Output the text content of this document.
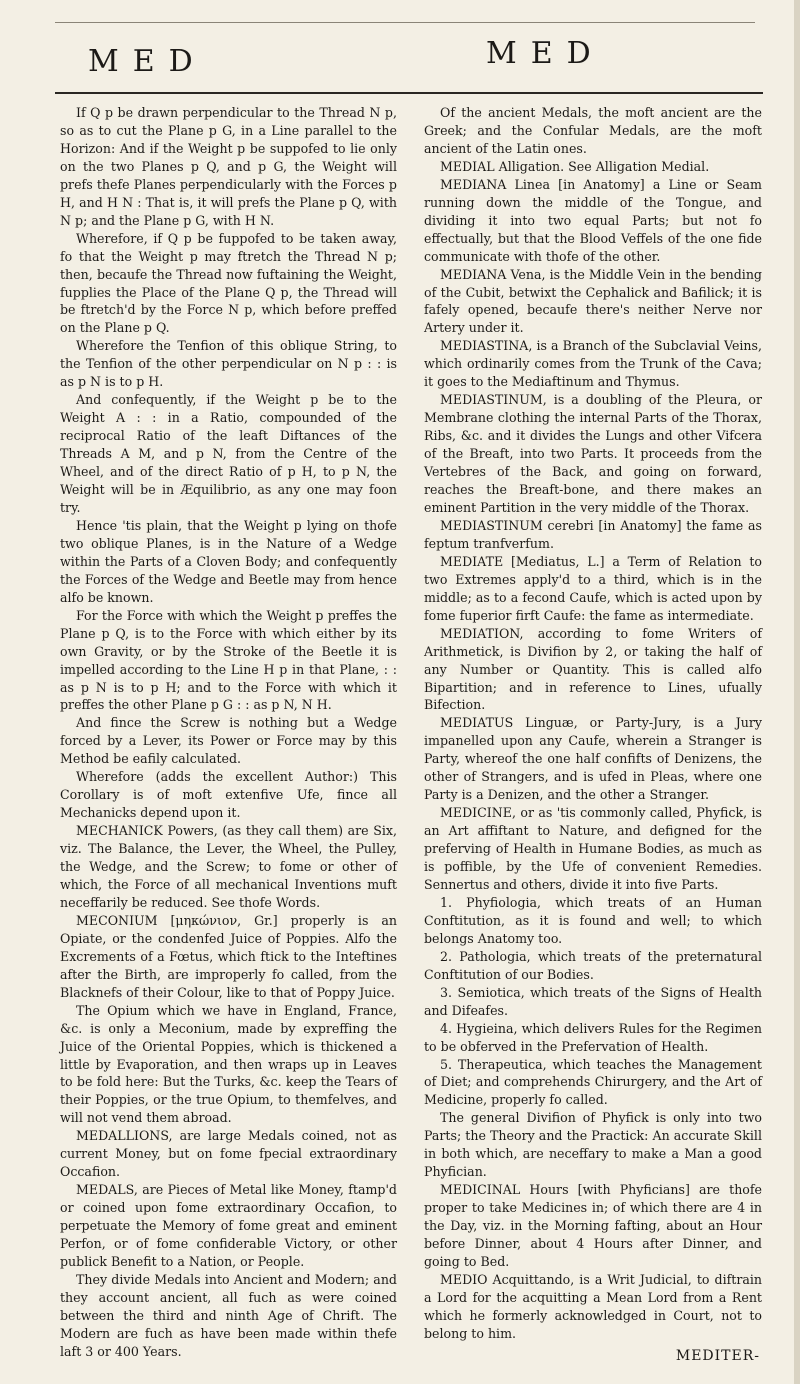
MED	MED

If Q p be drawn perpendicular to the Thread N p, so as to cut the Plane p G, in a Line parallel to the Horizon: And if the Weight p be suppofed to lie only on the two Planes p Q, and p G, the Weight will prefs thefe Planes perpendicularly with the Forces p H, and H N : That is, it will prefs the Plane p Q, with N p; and the Plane p G, with H N.

Wherefore, if Q p be fuppofed to be taken away, fo that the Weight p may ftretch the Thread N p; then, becaufe the Thread now fuftaining the Weight, fupplies the Place of the Plane Q p, the Thread will be ftretch'd by the Force N p, which before preffed on the Plane p Q.

Wherefore the Tenfion of this oblique String, to the Tenfion of the other perpendicular on N p : : is as p N is to p H.

And confequently, if the Weight p be to the Weight A : : in a Ratio, compounded of the reciprocal Ratio of the leaft Diftances of the Threads A M, and p N, from the Centre of the Wheel, and of the direct Ratio of p H, to p N, the Weight will be in Æquilibrio, as any one may foon try.

Hence 'tis plain, that the Weight p lying on thofe two oblique Planes, is in the Nature of a Wedge within the Parts of a Cloven Body; and confequently the Forces of the Wedge and Beetle may from hence alfo be known.

For the Force with which the Weight p preffes the Plane p Q, is to the Force with which either by its own Gravity, or by the Stroke of the Beetle it is impelled according to the Line H p in that Plane, : : as p N is to p H; and to the Force with which it preffes the other Plane p G : : as p N, N H.

And fince the Screw is nothing but a Wedge forced by a Lever, its Power or Force may by this Method be eafily calculated.

Wherefore (adds the excellent Author:) This Corollary is of moft extenfive Ufe, fince all Mechanicks depend upon it.

MECHANICK Powers, (as they call them) are Six, viz. The Balance, the Lever, the Wheel, the Pulley, the Wedge, and the Screw; to fome or other of which, the Force of all mechanical Inventions muft neceffarily be reduced. See thofe Words.

MECONIUM [μηκώνιον, Gr.] properly is an Opiate, or the condenfed Juice of Poppies. Alfo the Excrements of a Fœtus, which ftick to the Inteftines after the Birth, are improperly fo called, from the Blacknefs of their Colour, like to that of Poppy Juice.

The Opium which we have in England, France, &c. is only a Meconium, made by expreffing the Juice of the Oriental Poppies, which is thickened a little by Evaporation, and then wraps up in Leaves to be fold here: But the Turks, &c. keep the Tears of their Poppies, or the true Opium, to themfelves, and will not vend them abroad.

MEDALLIONS, are large Medals coined, not as current Money, but on fome fpecial extraordinary Occafion.

MEDALS, are Pieces of Metal like Money, ftamp'd or coined upon fome extraordinary Occafion, to perpetuate the Memory of fome great and eminent Perfon, or of fome confiderable Victory, or other publick Benefit to a Nation, or People.

They divide Medals into Ancient and Modern; and they account ancient, all fuch as were coined between the third and ninth Age of Chrift. The Modern are fuch as have been made within thefe laft 3 or 400 Years.

Of the ancient Medals, the moft ancient are the Greek; and the Confular Medals, are the moft ancient of the Latin ones.

MEDIAL Alligation. See Alligation Medial.

MEDIANA Linea [in Anatomy] a Line or Seam running down the middle of the Tongue, and dividing it into two equal Parts; but not fo effectually, but that the Blood Veffels of the one fide communicate with thofe of the other.

MEDIANA Vena, is the Middle Vein in the bending of the Cubit, betwixt the Cephalick and Bafilick; it is fafely opened, becaufe there's neither Nerve nor Artery under it.

MEDIASTINA, is a Branch of the Subclavial Veins, which ordinarily comes from the Trunk of the Cava; it goes to the Mediaftinum and Thymus.

MEDIASTINUM, is a doubling of the Pleura, or Membrane clothing the internal Parts of the Thorax, Ribs, &c. and it divides the Lungs and other Vifcera of the Breaft, into two Parts. It proceeds from the Vertebres of the Back, and going on forward, reaches the Breaft-bone, and there makes an eminent Partition in the very middle of the Thorax.

MEDIASTINUM cerebri [in Anatomy] the fame as feptum tranfverfum.

MEDIATE [Mediatus, L.] a Term of Relation to two Extremes apply'd to a third, which is in the middle; as to a fecond Caufe, which is acted upon by fome fuperior firft Caufe: the fame as intermediate.

MEDIATION, according to fome Writers of Arithmetick, is Divifion by 2, or taking the half of any Number or Quantity. This is called alfo Bipartition; and in reference to Lines, ufually Bifection.

MEDIATUS Linguæ, or Party-Jury, is a Jury impanelled upon any Caufe, wherein a Stranger is Party, whereof the one half confifts of Denizens, the other of Strangers, and is ufed in Pleas, where one Party is a Denizen, and the other a Stranger.

MEDICINE, or as 'tis commonly called, Phyfick, is an Art affiftant to Nature, and defigned for the preferving of Health in Humane Bodies, as much as is poffible, by the Ufe of convenient Remedies. Sennertus and others, divide it into five Parts.

1. Phyfiologia, which treats of an Human Conftitution, as it is found and well; to which belongs Anatomy too.

2. Pathologia, which treats of the preternatural Conftitution of our Bodies.

3. Semiotica, which treats of the Signs of Health and Difeafes.

4. Hygieina, which delivers Rules for the Regimen to be obferved in the Prefervation of Health.

5. Therapeutica, which teaches the Management of Diet; and comprehends Chirurgery, and the Art of Medicine, properly fo called.

The general Divifion of Phyfick is only into two Parts; the Theory and the Practick: An accurate Skill in both which, are neceffary to make a Man a good Phyfician.

MEDICINAL Hours [with Phyficians] are thofe proper to take Medicines in; of which there are 4 in the Day, viz. in the Morning fafting, about an Hour before Dinner, about 4 Hours after Dinner, and going to Bed.

MEDIO Acquittando, is a Writ Judicial, to diftrain a Lord for the acquitting a Mean Lord from a Rent which he formerly acknowledged in Court, not to belong to him.

MEDITER-
